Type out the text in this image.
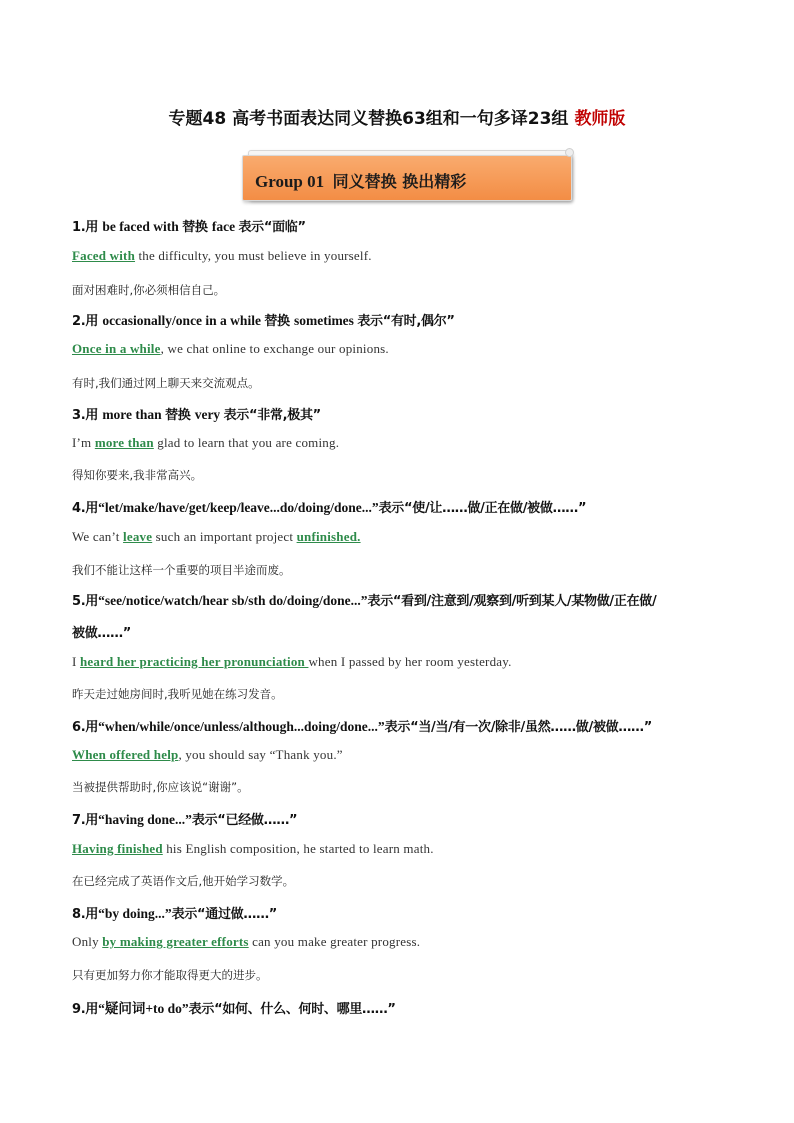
专题48 高考书面表达同义替换63组和一句多译23组 教师版
Group 01 同义替换 换出精彩
1.用 be faced with 替换 face 表示“面临”
Faced with the difficulty, you must believe in yourself.
面对困难时,你必须相信自己。
2.用 occasionally/once in a while 替换 sometimes 表示“有时,偶尔”
Once in a while, we chat online to exchange our opinions.
有时,我们通过网上聊天来交流观点。
3.用 more than 替换 very 表示“非常,极其”
I’m more than glad to learn that you are coming.
得知你要来,我非常高兴。
4.用“let/make/have/get/keep/leave...do/doing/done...”表示“使/让……做/正在做/被做……”
We can’t leave such an important project unfinished.
我们不能让这样一个重要的项目半途而废。
5.用“see/notice/watch/hear sb/sth do/doing/done...”表示“看到/注意到/观察到/听到某人/某物做/正在做/
被做……”
I heard her practicing her pronunciation when I passed by her room yesterday.
昨天走过她房间时,我听见她在练习发音。
6.用“when/while/once/unless/although...doing/done...”表示“当/当/有一次/除非/虽然……做/被做……”
When offered help, you should say “Thank you.”
当被提供帮助时,你应该说“谢谢”。
7.用“having done...”表示“已经做……”
Having finished his English composition, he started to learn math.
在已经完成了英语作文后,他开始学习数学。
8.用“by doing...”表示“通过做……”
Only by making greater efforts can you make greater progress.
只有更加努力你才能取得更大的进步。
9.用“疑问词+to do”表示“如何、什么、何时、哪里……”
